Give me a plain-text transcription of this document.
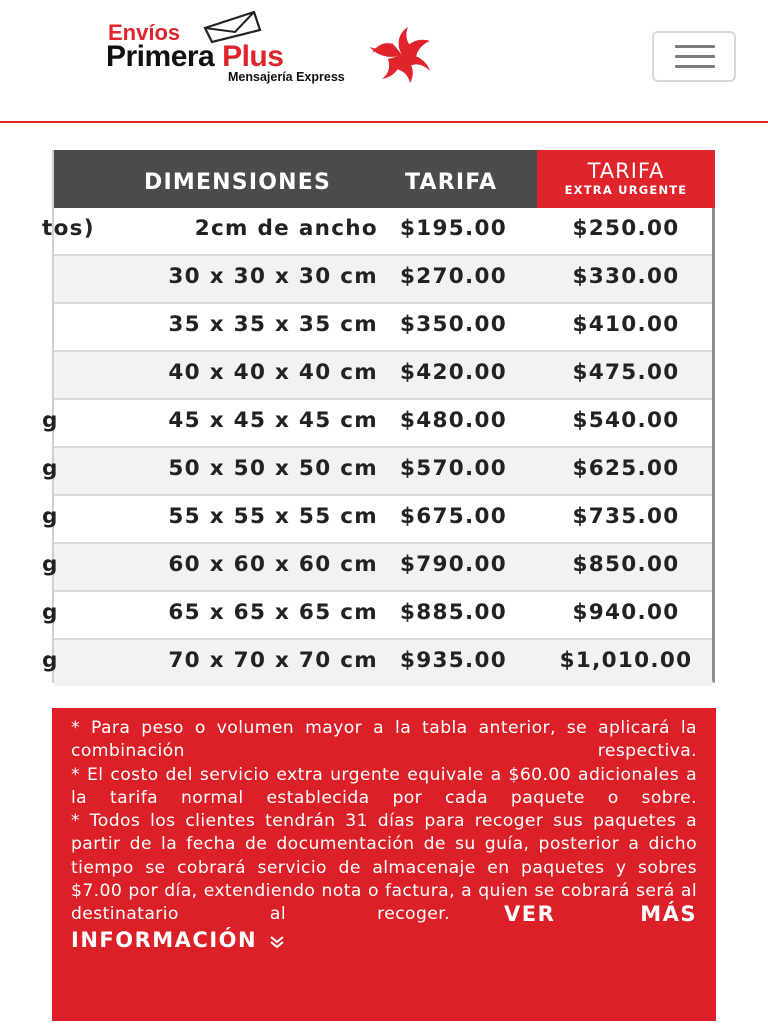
Envíos
Primera Plus
Mensajería Express
DIMENSIONES	TARIFA	TARIFA
EXTRA URGENTE
tos)	2cm de ancho $195.00	$250.00
30 x 30 x 30 cm $270.00	$330.00
35 x 35 x 35 cm $350.00	$410.00
40 x 40 x 40 cm $420.00	$475.00
g	45 x 45 x 45 cm $480.00	$540.00
g	50 x 50 x 50 cm $570.00	$625.00
g	55 x 55 x 55 cm $675.00	$735.00
g	60 x 60 x 60 cm $790.00	$850.00
g	65 x 65 x 65 cm $885.00	$940.00
g	70 x 70 x 70 cm $935.00	$1,010.00

* Para peso o volumen mayor a la tabla anterior, se aplicará la combinación respectiva.

* El costo del servicio extra urgente equivale a $60.00 adicionales a la tarifa normal establecida por cada paquete o sobre.

* Todos los clientes tendrán 31 días para recoger sus paquetes a partir de la fecha de documentación de su guía, posterior a dicho tiempo se cobrará servicio de almacenaje en paquetes y sobres $7.00 por día, extendiendo nota o factura, a quien se cobrará será al

destinatario al recoger.	VER MÁS
INFORMACIÓN
